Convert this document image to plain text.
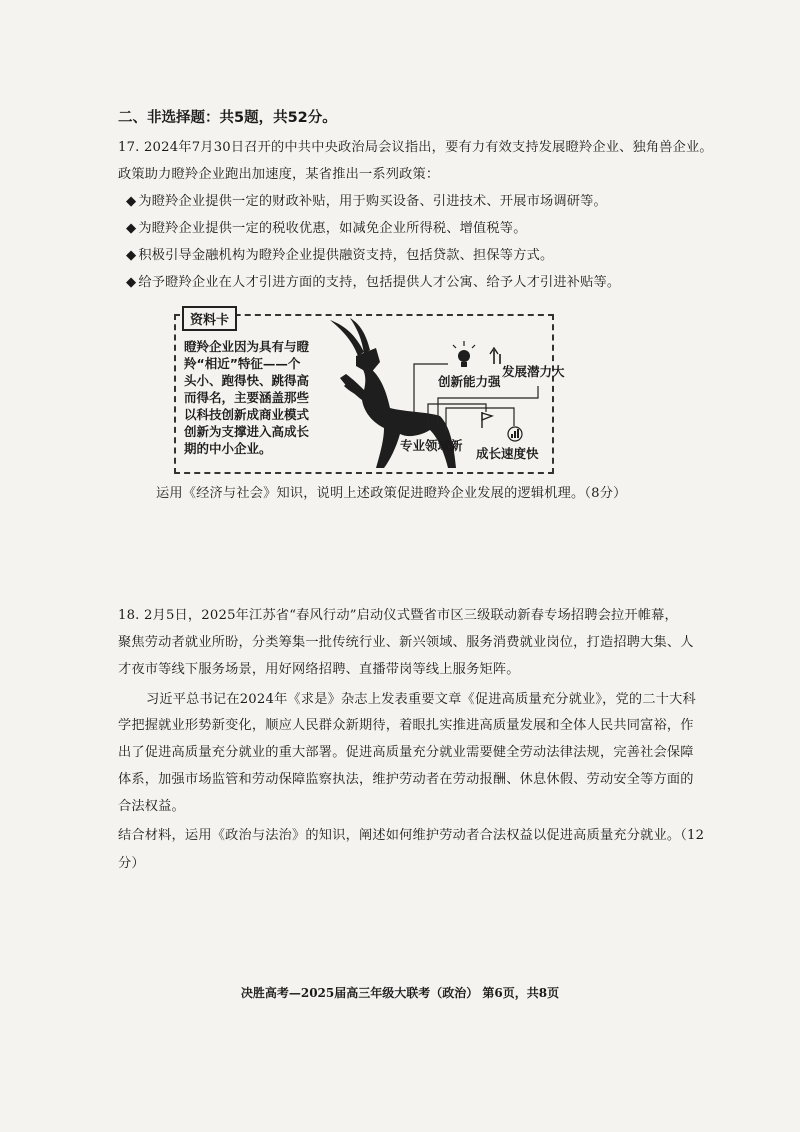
二、非选择题：共5题，共52分。
17. 2024年7月30日召开的中共中央政治局会议指出，要有力有效支持发展瞪羚企业、独角兽企业。
政策助力瞪羚企业跑出加速度，某省推出一系列政策：
◆ 为瞪羚企业提供一定的财政补贴，用于购买设备、引进技术、开展市场调研等。
◆ 为瞪羚企业提供一定的税收优惠，如减免企业所得税、增值税等。
◆ 积极引导金融机构为瞪羚企业提供融资支持，包括贷款、担保等方式。
◆ 给予瞪羚企业在人才引进方面的支持，包括提供人才公寓、给予人才引进补贴等。
资料卡
瞪羚企业因为具有与瞪
羚“相近”特征——个
头小、跑得快、跳得高
而得名，主要涵盖那些
以科技创新成商业模式
创新为支撑进入高成长
期的中小企业。
创新能力强
发展潜力大
专业领域新
成长速度快
运用《经济与社会》知识，说明上述政策促进瞪羚企业发展的逻辑机理。（8分）
18. 2月5日，2025年江苏省“春风行动”启动仪式暨省市区三级联动新春专场招聘会拉开帷幕，
聚焦劳动者就业所盼，分类筹集一批传统行业、新兴领域、服务消费就业岗位，打造招聘大集、人
才夜市等线下服务场景，用好网络招聘、直播带岗等线上服务矩阵。
习近平总书记在2024年《求是》杂志上发表重要文章《促进高质量充分就业》，党的二十大科
学把握就业形势新变化，顺应人民群众新期待，着眼扎实推进高质量发展和全体人民共同富裕，作
出了促进高质量充分就业的重大部署。促进高质量充分就业需要健全劳动法律法规，完善社会保障
体系，加强市场监管和劳动保障监察执法，维护劳动者在劳动报酬、休息休假、劳动安全等方面的
合法权益。
结合材料，运用《政治与法治》的知识，阐述如何维护劳动者合法权益以促进高质量充分就业。（12
分）
决胜高考—2025届高三年级大联考（政治） 第6页，共8页
